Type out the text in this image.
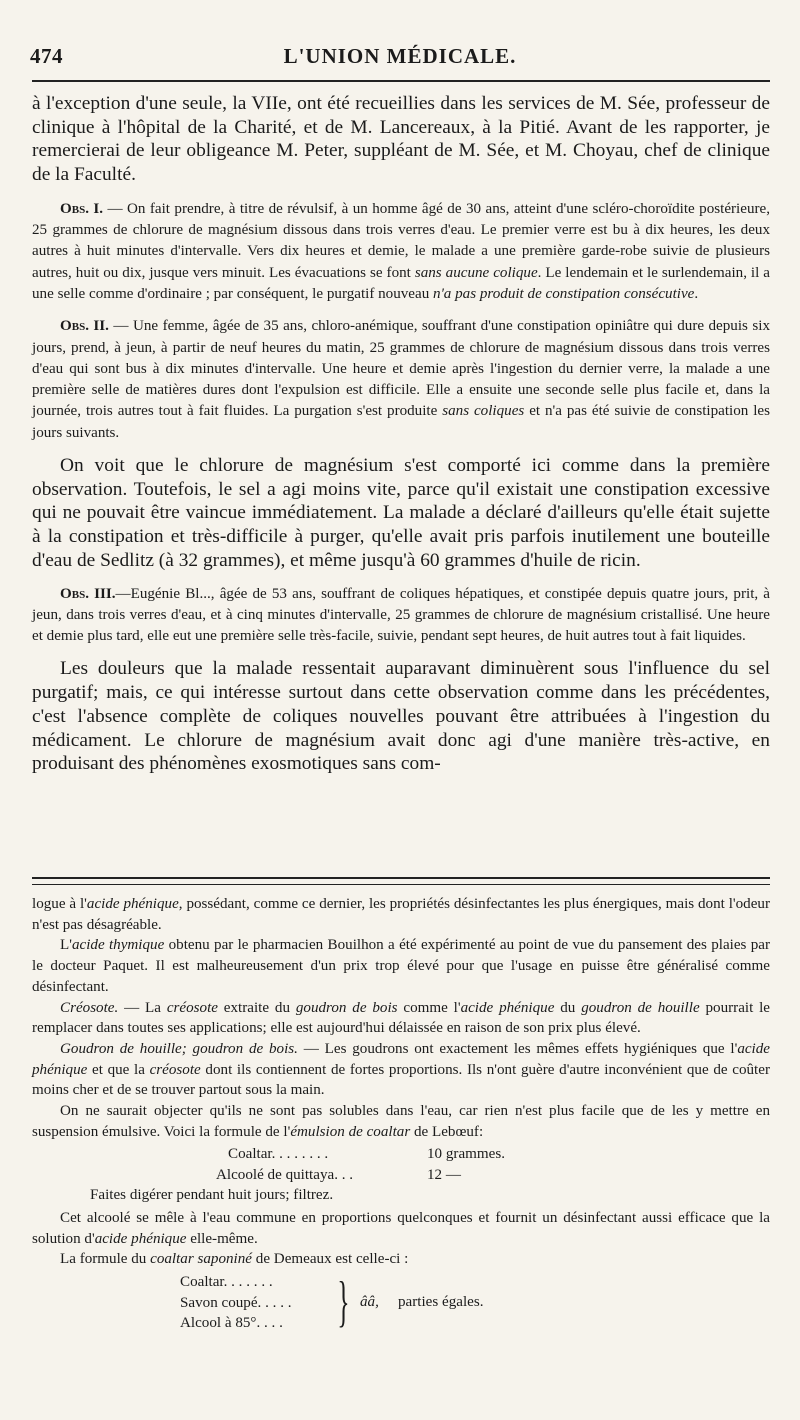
474	L'UNION MÉDICALE.

à l'exception d'une seule, la VIIe, ont été recueillies dans les services de M. Sée, professeur de clinique à l'hôpital de la Charité, et de M. Lancereaux, à la Pitié. Avant de les rapporter, je remercierai de leur obligeance M. Peter, suppléant de M. Sée, et M. Choyau, chef de clinique de la Faculté.

Obs. I. — On fait prendre, à titre de révulsif, à un homme âgé de 30 ans, atteint d'une scléro-choroïdite postérieure, 25 grammes de chlorure de magnésium dissous dans trois verres d'eau. Le premier verre est bu à dix heures, les deux autres à huit minutes d'intervalle. Vers dix heures et demie, le malade a une première garde-robe suivie de plusieurs autres, huit ou dix, jusque vers minuit. Les évacuations se font sans aucune colique. Le lendemain et le surlendemain, il a une selle comme d'ordinaire ; par conséquent, le purgatif nouveau n'a pas produit de constipation consécutive.

Obs. II. — Une femme, âgée de 35 ans, chloro-anémique, souffrant d'une constipation opiniâtre qui dure depuis six jours, prend, à jeun, à partir de neuf heures du matin, 25 grammes de chlorure de magnésium dissous dans trois verres d'eau qui sont bus à dix minutes d'intervalle. Une heure et demie après l'ingestion du dernier verre, la malade a une première selle de matières dures dont l'expulsion est difficile. Elle a ensuite une seconde selle plus facile et, dans la journée, trois autres tout à fait fluides. La purgation s'est produite sans coliques et n'a pas été suivie de constipation les jours suivants.

On voit que le chlorure de magnésium s'est comporté ici comme dans la première observation. Toutefois, le sel a agi moins vite, parce qu'il existait une constipation excessive qui ne pouvait être vaincue immédiatement. La malade a déclaré d'ailleurs qu'elle était sujette à la constipation et très-difficile à purger, qu'elle avait pris parfois inutilement une bouteille d'eau de Sedlitz (à 32 grammes), et même jusqu'à 60 grammes d'huile de ricin.

Obs. III.—Eugénie Bl..., âgée de 53 ans, souffrant de coliques hépatiques, et constipée depuis quatre jours, prit, à jeun, dans trois verres d'eau, et à cinq minutes d'intervalle, 25 grammes de chlorure de magnésium cristallisé. Une heure et demie plus tard, elle eut une première selle très-facile, suivie, pendant sept heures, de huit autres tout à fait liquides.

Les douleurs que la malade ressentait auparavant diminuèrent sous l'influence du sel purgatif; mais, ce qui intéresse surtout dans cette observation comme dans les précédentes, c'est l'absence complète de coliques nouvelles pouvant être attribuées à l'ingestion du médicament. Le chlorure de magnésium avait donc agi d'une manière très-active, en produisant des phénomènes exosmotiques sans com-

logue à l'acide phénique, possédant, comme ce dernier, les propriétés désinfectantes les plus énergiques, mais dont l'odeur n'est pas désagréable.

L'acide thymique obtenu par le pharmacien Bouilhon a été expérimenté au point de vue du pansement des plaies par le docteur Paquet. Il est malheureusement d'un prix trop élevé pour que l'usage en puisse être généralisé comme désinfectant.

Créosote. — La créosote extraite du goudron de bois comme l'acide phénique du goudron de houille pourrait le remplacer dans toutes ses applications; elle est aujourd'hui délaissée en raison de son prix plus élevé.

Goudron de houille; goudron de bois. — Les goudrons ont exactement les mêmes effets hygiéniques que l'acide phénique et que la créosote dont ils contiennent de fortes proportions. Ils n'ont guère d'autre inconvénient que de coûter moins cher et de se trouver partout sous la main.

On ne saurait objecter qu'ils ne sont pas solubles dans l'eau, car rien n'est plus facile que de les y mettre en suspension émulsive. Voici la formule de l'émulsion de coaltar de Lebœuf:

Coaltar. . . . . . . .	10 grammes.
Alcoolé de quittaya. . .	12 —
Faites digérer pendant huit jours; filtrez.

Cet alcoolé se mêle à l'eau commune en proportions quelconques et fournit un désinfectant aussi efficace que la solution d'acide phénique elle-même.

La formule du coaltar saponiné de Demeaux est celle-ci :

Coaltar. . . . . . .
Savon coupé. . . . .
Alcool à 85°. . . . } ââ, parties égales.
